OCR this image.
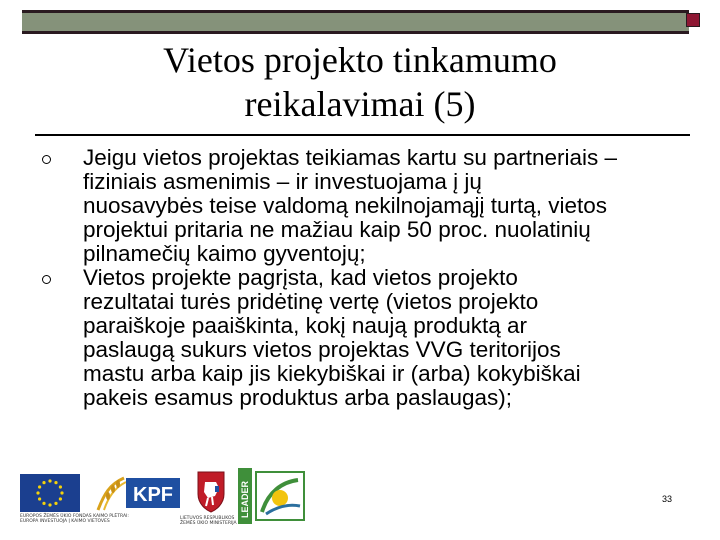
Vietos projekto tinkamumo
reikalavimai (5)
Jeigu vietos projektas teikiamas kartu su partneriais –
fiziniais asmenimis – ir investuojama į jų
nuosavybės teise valdomą nekilnojamąjį turtą, vietos
projektui pritaria ne mažiau kaip 50 proc. nuolatinių
pilnamečių kaimo gyventojų;
Vietos projekte pagrįsta, kad vietos projekto
rezultatai turės pridėtinę vertę (vietos projekto
paraiškoje paaiškinta, kokį naują produktą ar
paslaugą sukurs vietos projektas VVG teritorijos
mastu arba kaip jis kiekybiškai ir (arba) kokybiškai
pakeis esamus produktus arba paslaugas);
KPF	LEADER
EUROPOS ŽEMĖS ŪKIO FONDAS KAIMO PLĖTRAI:
EUROPA INVESTUOJA Į KAIMO VIETOVES
LIETUVOS RESPUBLIKOS
ŽEMĖS ŪKIO MINISTERIJA
33
